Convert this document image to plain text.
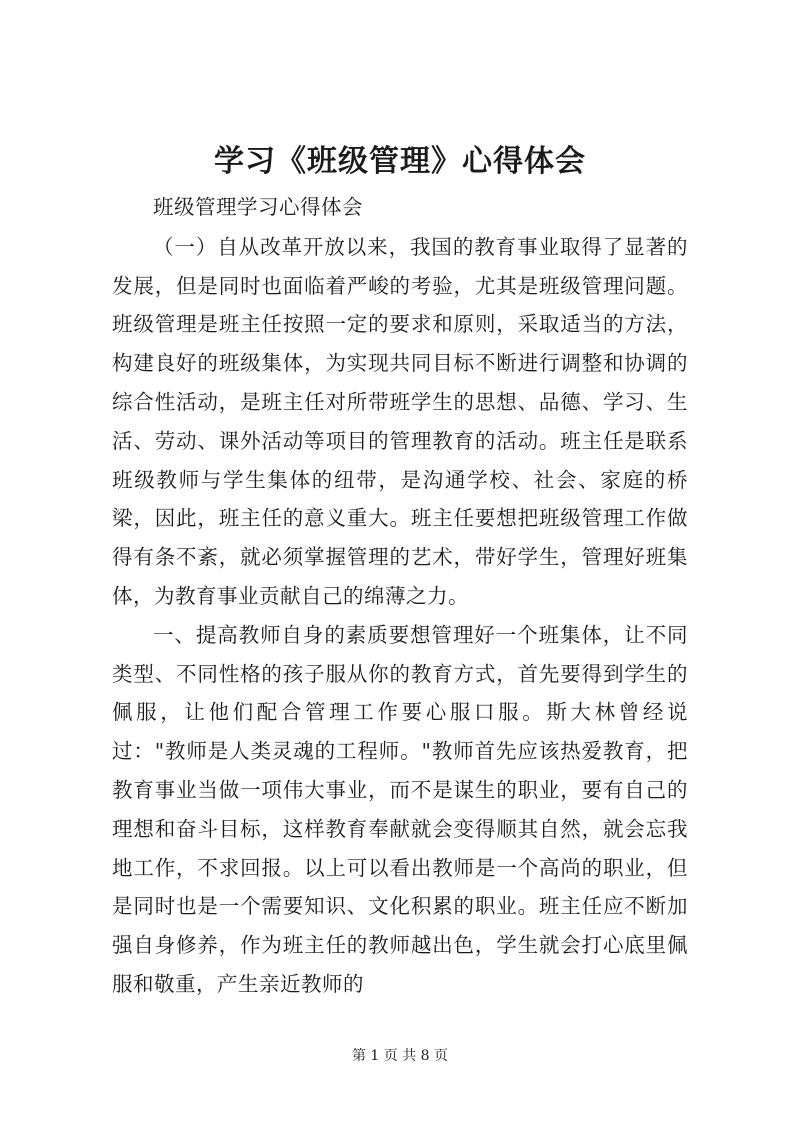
学习《班级管理》心得体会

班级管理学习心得体会

（一）自从改革开放以来，我国的教育事业取得了显著的发展，但是同时也面临着严峻的考验，尤其是班级管理问题。班级管理是班主任按照一定的要求和原则，采取适当的方法，构建良好的班级集体，为实现共同目标不断进行调整和协调的综合性活动，是班主任对所带班学生的思想、品德、学习、生活、劳动、课外活动等项目的管理教育的活动。班主任是联系班级教师与学生集体的纽带，是沟通学校、社会、家庭的桥梁，因此，班主任的意义重大。班主任要想把班级管理工作做得有条不紊，就必须掌握管理的艺术，带好学生，管理好班集体，为教育事业贡献自己的绵薄之力。

一、提高教师自身的素质要想管理好一个班集体，让不同类型、不同性格的孩子服从你的教育方式，首先要得到学生的佩服，让他们配合管理工作要心服口服。斯大林曾经说过："教师是人类灵魂的工程师。"教师首先应该热爱教育，把教育事业当做一项伟大事业，而不是谋生的职业，要有自己的理想和奋斗目标，这样教育奉献就会变得顺其自然，就会忘我地工作，不求回报。以上可以看出教师是一个高尚的职业，但是同时也是一个需要知识、文化积累的职业。班主任应不断加强自身修养，作为班主任的教师越出色，学生就会打心底里佩服和敬重，产生亲近教师的

第 1 页 共 8 页
